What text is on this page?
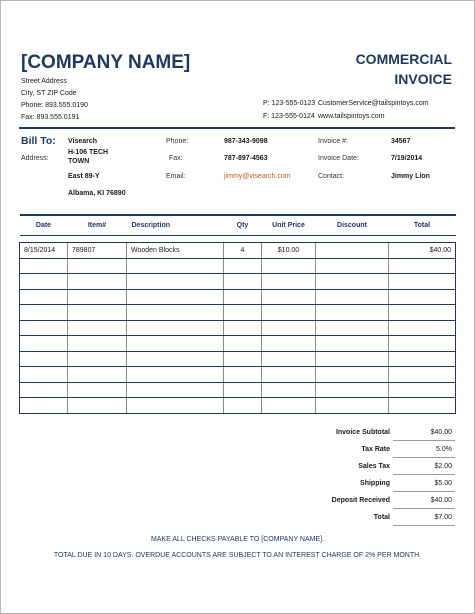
[COMPANY NAME]	COMMERCIAL
INVOICE
Street Address
City, ST ZIP Code
Phone: 893.555.0190
Fax: 893.555.0191
P: 123-555-0123 CustomerService@tailspintoys.com
F: 123-555-0124 www.tailspintoys.com
Bill To: Visearch
Address:
H-106 TECH
TOWN
East 89-Y
Albama, KI 76890
Phone:	987-343-9098
Fax:	787-897-4563
Email:	jimmy@visearch.com
Invoice #:	34567
Invoice Date:	7/19/2014
Contact:	Jimmy Lion
Date	Item#	Description	Qty	Unit Price	Discount	Total

8/15/2014	789807	Wooden Blocks	4	$10.00		$40.00

Invoice Subtotal	$40.00
Tax Rate	5.0%
Sales Tax	$2.00
Shipping	$5.00
Deposit Received	$40.00
Total	$7.00
MAKE ALL CHECKS PAYABLE TO [COMPANY NAME].
TOTAL DUE IN 10 DAYS. OVERDUE ACCOUNTS ARE SUBJECT TO AN INTEREST CHARGE OF 2% PER MONTH.
